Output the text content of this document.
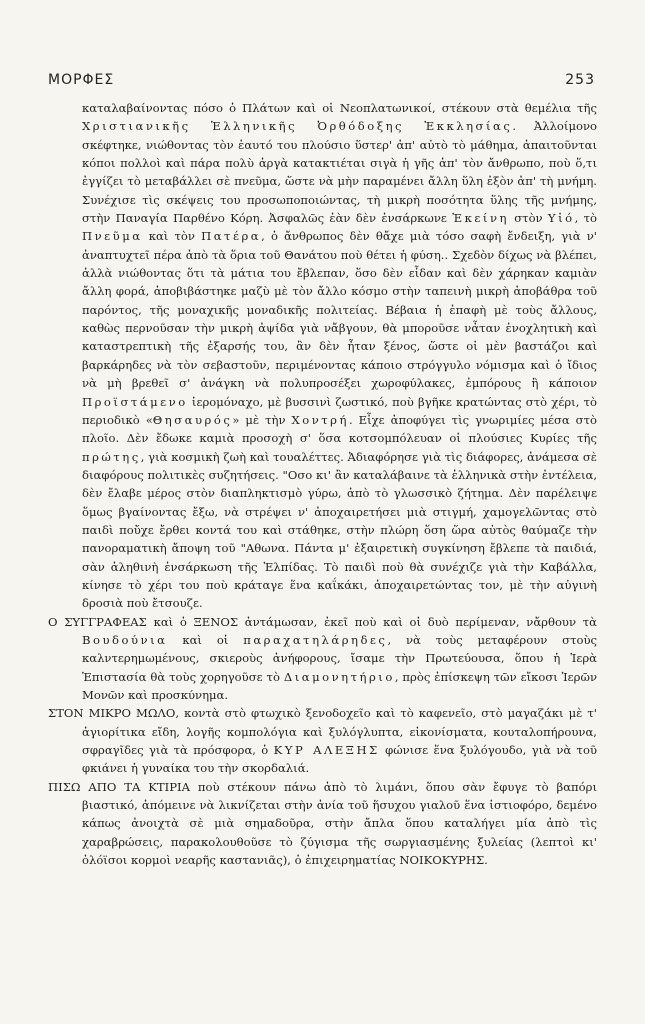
ΜΟΡΦΕΣ	253

καταλαβαίνοντας πόσο ὁ Πλάτων καὶ οἱ Νεοπλατωνικοί, στέκουν στὰ θεμέλια τῆς Χριστιανικῆς Ἑλληνικῆς Ὀρθόδοξης Ἐκκλησίας. Ἀλλοίμονο σκέφτηκε, νιώθοντας τὸν ἑαυτό του πλούσιο ὕστερ' ἀπ' αὐτὸ τὸ μάθημα, ἀπαιτοῦνται κόποι πολλοὶ καὶ πάρα πολὺ ἀργὰ κατακτιέται σιγὰ ἡ γῆς ἀπ' τὸν ἄνθρωπο, ποὺ ὅ,τι ἐγγίζει τὸ μεταβάλλει σὲ πνεῦμα, ὥστε νὰ μὴν παραμένει ἄλλη ὕλη ἐξὸν ἀπ' τὴ μνήμη. Συνέχισε τὶς σκέψεις του προσωποποιώντας, τὴ μικρὴ ποσότητα ὕλης τῆς μνήμης, στὴν Παναγία Παρθένο Κόρη. Ἀσφαλῶς ἐὰν δὲν ἐνσάρκωνε Ἐκείνη στὸν Υἱό, τὸ Πνεῦμα καὶ τὸν Πατέρα, ὁ ἄνθρωπος δὲν θἄχε μιὰ τόσο σαφὴ ἔνδειξη, γιὰ ν' ἀναπτυχτεῖ πέρα ἀπὸ τὰ ὅρια τοῦ Θανάτου ποὺ θέτει ἡ φύση.. Σχεδὸν δίχως νὰ βλέπει, ἀλλὰ νιώθοντας ὅτι τὰ μάτια του ἔβλεπαν, ὅσο δὲν εἶδαν καὶ δὲν χάρηκαν καμιὰν ἄλλη φορά, ἀποβιβάστηκε μαζὺ μὲ τὸν ἄλλο κόσμο στὴν ταπεινὴ μικρὴ ἀποβάθρα τοῦ παρόντος, τῆς μοναχικῆς μοναδικῆς πολιτείας. Βέβαια ἡ ἐπαφὴ μὲ τοὺς ἄλλους, καθὼς περνοῦσαν τὴν μικρὴ ἀψίδα γιὰ νἄβγουν, θὰ μποροῦσε νἆταν ἐνοχλητικὴ καὶ καταστρεπτικὴ τῆς ἐξαρσής του, ἂν δὲν ἦταν ξένος, ὥστε οἱ μὲν βαστάζοι καὶ βαρκάρηδες νὰ τὸν σεβαστοῦν, περιμένοντας κάποιο στρόγγυλο νόμισμα καὶ ὁ ἴδιος νὰ μὴ βρεθεῖ σ' ἀνάγκη νὰ πολυπροσέξει χωροφύλακες, ἐμπόρους ἢ κάποιον Προϊστάμενο ἱερομόναχο, μὲ βυσσινὶ ζωστικό, ποὺ βγῆκε κρατώντας στὸ χέρι, τὸ περιοδικὸ «Θησαυρός» μὲ τὴν Χοντρή. Εἶχε ἀποφύγει τὶς γνωριμίες μέσα στὸ πλοῖο. Δὲν ἔδωκε καμιὰ προσοχὴ σ' ὅσα κοτσομπόλευαν οἱ πλούσιες Κυρίες τῆς πρώτης, γιὰ κοσμικὴ ζωὴ καὶ τουαλέττες. Ἀδιαφόρησε γιὰ τὶς διάφορες, ἀνάμεσα σὲ διαφόρους πολιτικὲς συζητήσεις. "Οσο κι' ἂν καταλάβαινε τὰ ἑλληνικὰ στὴν ἐντέλεια, δὲν ἔλαβε μέρος στὸν διαπληκτισμὸ γύρω, ἀπὸ τὸ γλωσσικὸ ζήτημα. Δὲν παρέλειψε ὅμως βγαίνοντας ἔξω, νὰ στρέψει ν' ἀποχαιρετήσει μιὰ στιγμή, χαμογελῶντας στὸ παιδὶ ποὔχε ἔρθει κοντά του καὶ στάθηκε, στὴν πλώρη ὅση ὥρα αὐτὸς θαύμαζε τὴν πανοραματικὴ ἄποψη τοῦ "Αθωνα. Πάντα μ' ἐξαιρετικὴ συγκίνηση ἔβλεπε τὰ παιδιά, σὰν ἀληθινὴ ἐνσάρκωση τῆς Ἐλπίδας. Τὸ παιδὶ ποὺ θὰ συνέχιζε γιὰ τὴν Καβάλλα, κίνησε τὸ χέρι του ποὺ κράταγε ἕνα καΐκάκι, ἀποχαιρετώντας τον, μὲ τὴν αὐγινὴ δροσιὰ ποὺ ἔτσουζε.

Ο ΣΥΓΓΡΑΦΕΑΣ καὶ ὁ ΞΕΝΟΣ ἀντάμωσαν, ἐκεῖ ποὺ καὶ οἱ δυὸ περίμεναν, νἄρθουν τὰ Βουδούνια καὶ οἱ παραχατηλάρηδες, νὰ τοὺς μεταφέρουν στοὺς καλντερημωμένους, σκιεροὺς ἀνήφορους, ἴσαμε τὴν Πρωτεύουσα, ὅπου ἡ Ἱερὰ Ἐπιστασία θὰ τοὺς χορηγοῦσε τὸ Διαμονητήριο, πρὸς ἐπίσκεψη τῶν εἴκοσι Ἱερῶν Μονῶν καὶ προσκύνημα.

ΣΤΟΝ ΜΙΚΡΟ ΜΩΛΟ, κοντὰ στὸ φτωχικὸ ξενοδοχεῖο καὶ τὸ καφενεῖο, στὸ μαγαζάκι μὲ τ' ἀγιορίτικα εἴδη, λογῆς κομπολόγια καὶ ξυλόγλυπτα, εἰκονίσματα, κουταλοπήρουνα, σφραγῖδες γιὰ τὰ πρόσφορα, ὁ ΚΥΡ ΑΛΕΞΗΣ φώνισε ἕνα ξυλόγουδο, γιὰ νὰ τοῦ φκιάνει ἡ γυναίκα του τὴν σκορδαλιά.

ΠΙΣΩ ΑΠΟ ΤΑ ΚΤΙΡΙΑ ποὺ στέκουν πάνω ἀπὸ τὸ λιμάνι, ὅπου σὰν ἔφυγε τὸ βαπόρι βιαστικό, ἀπόμεινε νὰ λικνίζεται στὴν ἀνία τοῦ ἥσυχου γιαλοῦ ἕνα ἱστιοφόρο, δεμένο κάπως ἀνοιχτὰ σὲ μιὰ σημαδοῦρα, στὴν ἄπλα ὅπου καταλήγει μία ἀπὸ τὶς χαραβρώσεις, παρακολουθοῦσε τὸ ζύγισμα τῆς σωργιασμένης ξυλείας (λεπτοὶ κι' ὁλόϊσοι κορμοὶ νεαρῆς καστανιᾶς), ὁ ἐπιχειρηματίας ΝΟΙΚΟΚΥΡΗΣ.
